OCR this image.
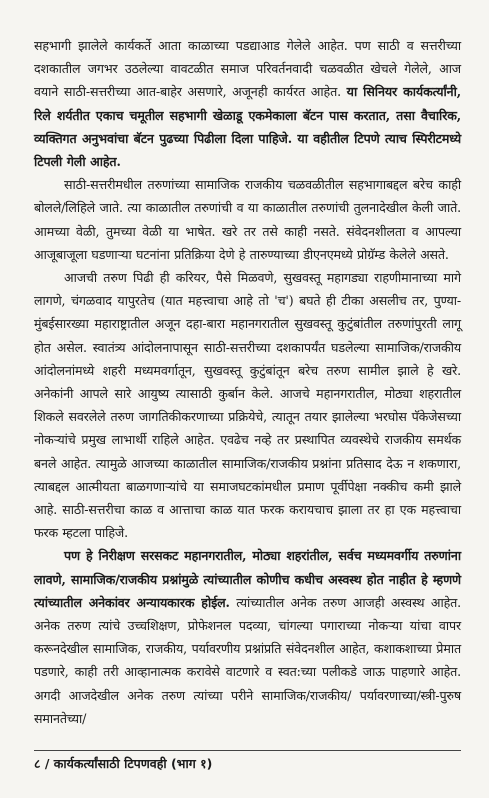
सहभागी झालेले कार्यकर्ते आता काळाच्या पडद्याआड गेलेले आहेत. पण साठी व सत्तरीच्या दशकातील जगभर उठलेल्या वावटळीत समाज परिवर्तनवादी चळवळीत खेचले गेलेले, आज वयाने साठी-सत्तरीच्या आत-बाहेर असणारे, अजूनही कार्यरत आहेत. या सिनियर कार्यकर्त्यांनी, रिले शर्यतीत एकाच चमूतील सहभागी खेळाडू एकमेकाला बॅटन पास करतात, तसा वैचारिक, व्यक्तिगत अनुभवांचा बॅटन पुढच्या पिढीला दिला पाहिजे. या वहीतील टिपणे त्याच स्पिरीटमध्ये टिपली गेली आहेत.

साठी-सत्तरीमधील तरुणांच्या सामाजिक राजकीय चळवळीतील सहभागाबद्दल बरेच काही बोलले/लिहिले जाते. त्या काळातील तरुणांची व या काळातील तरुणांची तुलनादेखील केली जाते. आमच्या वेळी, तुमच्या वेळी या भाषेत. खरे तर तसे काही नसते. संवेदनशीलता व आपल्या आजूबाजूला घडणाऱ्या घटनांना प्रतिक्रिया देणे हे तारुण्याच्या डीएनएमध्ये प्रोग्रॅम्ड केलेले असते.

आजची तरुण पिढी ही करियर, पैसे मिळवणे, सुखवस्तू महागड्या राहणीमानाच्या मागे लागणे, चंगळवाद यापुरतेच (यात महत्त्वाचा आहे तो 'च') बघते ही टीका असलीच तर, पुण्या-मुंबईसारख्या महाराष्ट्रातील अजून दहा-बारा महानगरातील सुखवस्तू कुटुंबांतील तरुणांपुरती लागू होत असेल. स्वातंत्र्य आंदोलनापासून साठी-सत्तरीच्या दशकापर्यंत घडलेल्या सामाजिक/राजकीय आंदोलनांमध्ये शहरी मध्यमवर्गातून, सुखवस्तू कुटुंबांतून बरेच तरुण सामील झाले हे खरे. अनेकांनी आपले सारे आयुष्य त्यासाठी कुर्बान केले. आजचे महानगरातील, मोठ्या शहरातील शिकले सवरलेले तरुण जागतिकीकरणाच्या प्रक्रियेचे, त्यातून तयार झालेल्या भरघोस पॅकेजेसच्या नोकऱ्यांचे प्रमुख लाभार्थी राहिले आहेत. एवढेच नव्हे तर प्रस्थापित व्यवस्थेचे राजकीय समर्थक बनले आहेत. त्यामुळे आजच्या काळातील सामाजिक/राजकीय प्रश्नांना प्रतिसाद देऊ न शकणारा, त्याबद्दल आत्मीयता बाळगणाऱ्यांचे या समाजघटकांमधील प्रमाण पूर्वीपेक्षा नक्कीच कमी झाले आहे. साठी-सत्तरीचा काळ व आत्ताचा काळ यात फरक करायचाच झाला तर हा एक महत्त्वाचा फरक म्हटला पाहिजे.

पण हे निरीक्षण सरसकट महानगरातील, मोठ्या शहरांतील, सर्वच मध्यमवर्गीय तरुणांना लावणे, सामाजिक/राजकीय प्रश्नांमुळे त्यांच्यातील कोणीच कधीच अस्वस्थ होत नाहीत हे म्हणणे त्यांच्यातील अनेकांवर अन्यायकारक होईल. त्यांच्यातील अनेक तरुण आजही अस्वस्थ आहेत. अनेक तरुण त्यांचे उच्चशिक्षण, प्रोफेशनल पदव्या, चांगल्या पगाराच्या नोकऱ्या यांचा वापर करूनदेखील सामाजिक, राजकीय, पर्यावरणीय प्रश्नांप्रति संवेदनशील आहेत, कशाकशाच्या प्रेमात पडणारे, काही तरी आव्हानात्मक करावेसे वाटणारे व स्वत:च्या पलीकडे जाऊ पाहणारे आहेत. अगदी आजदेखील अनेक तरुण त्यांच्या परीने सामाजिक/राजकीय/ पर्यावरणाच्या/स्त्री-पुरुष समानतेच्या/

८ / कार्यकर्त्यांसाठी टिपणवही (भाग १)
